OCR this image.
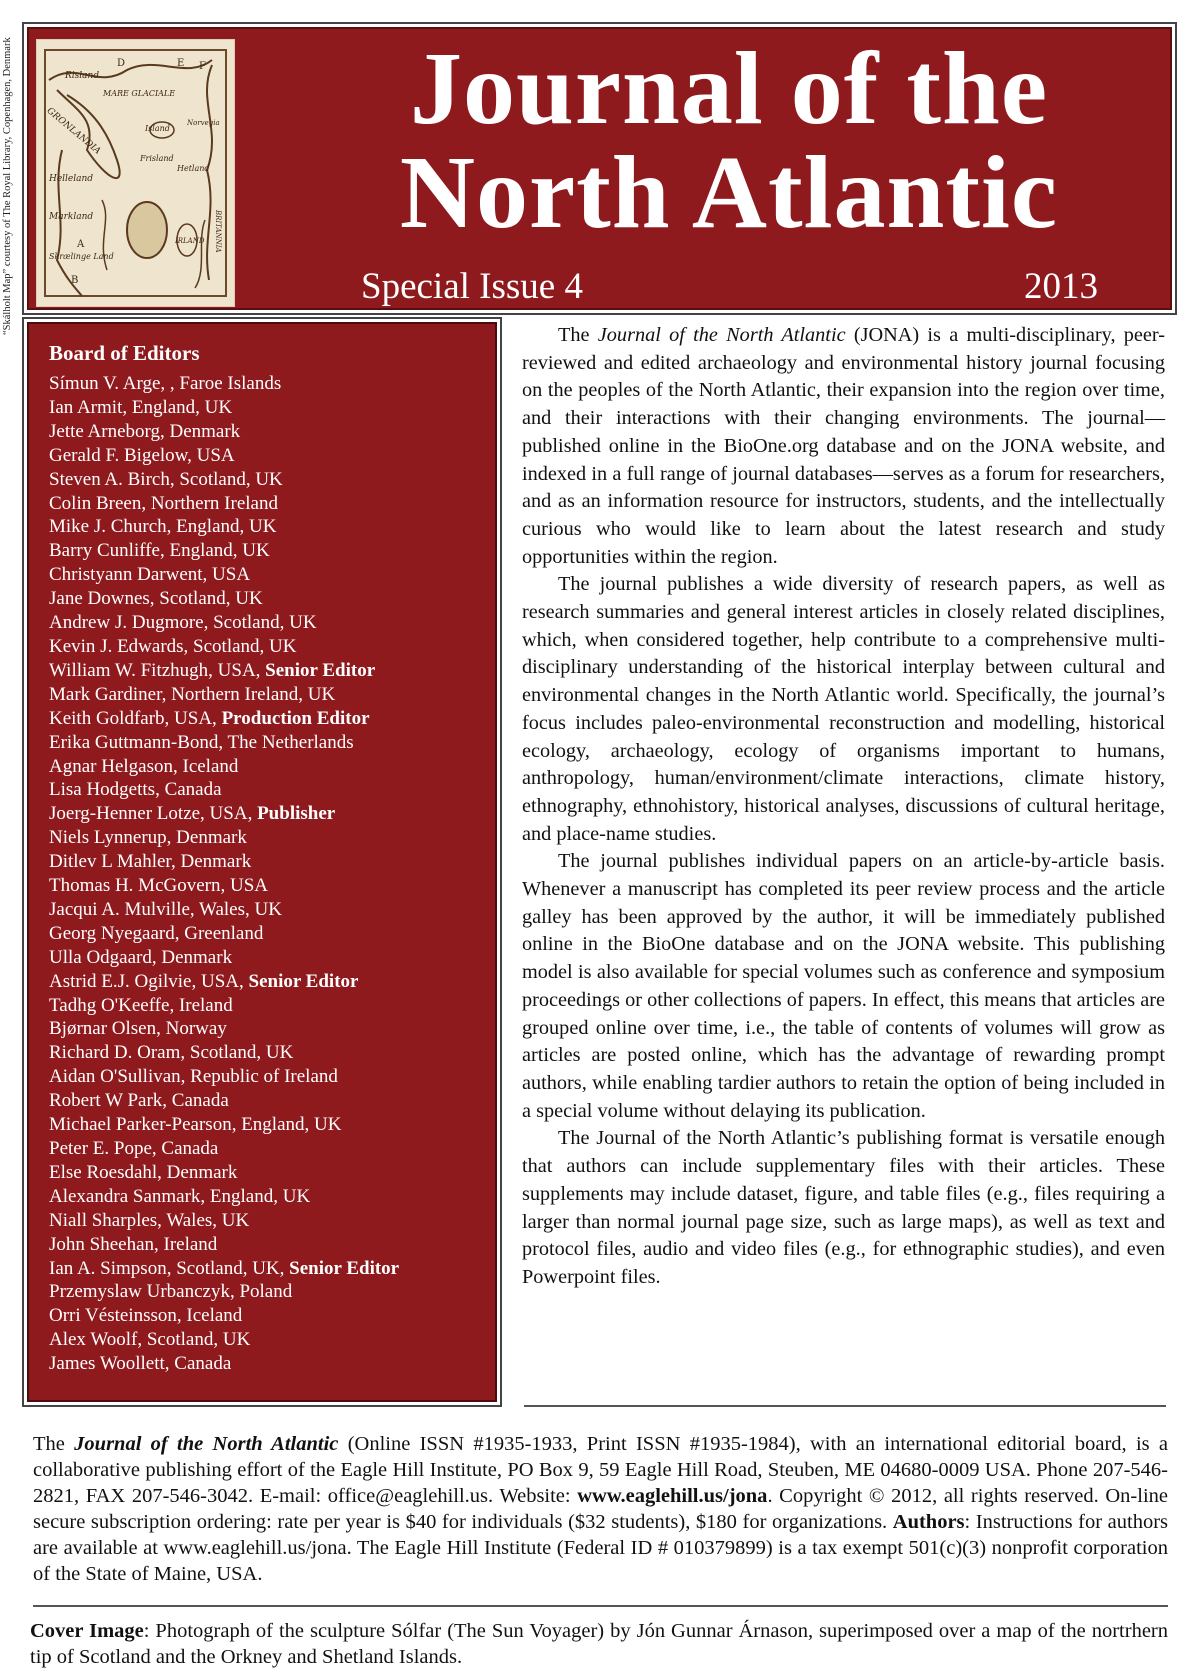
“Skálholt Map” courtesy of The Royal Library, Copenhagen, Denmark	Risland
GRONLANDIA
MARE GLACIALE
Helleland
Markland
Skrælinge Land
Island
Frisland
Hetland
BRITANNIA
IRLAND
Norvegia
D	E F
A
B
Journal of the
North Atlantic
Special Issue 4	2013
Board of Editors
Símun V. Arge, , Faroe Islands
Ian Armit, England, UK
Jette Arneborg, Denmark
Gerald F. Bigelow, USA
Steven A. Birch, Scotland, UK
Colin Breen, Northern Ireland
Mike J. Church, England, UK
Barry Cunliffe, England, UK
Christyann Darwent, USA
Jane Downes, Scotland, UK
Andrew J. Dugmore, Scotland, UK
Kevin J. Edwards, Scotland, UK
William W. Fitzhugh, USA, Senior Editor
Mark Gardiner, Northern Ireland, UK
Keith Goldfarb, USA, Production Editor
Erika Guttmann-Bond, The Netherlands
Agnar Helgason, Iceland
Lisa Hodgetts, Canada
Joerg-Henner Lotze, USA, Publisher
Niels Lynnerup, Denmark
Ditlev L Mahler, Denmark
Thomas H. McGovern, USA
Jacqui A. Mulville, Wales, UK
Georg Nyegaard, Greenland
Ulla Odgaard, Denmark
Astrid E.J. Ogilvie, USA, Senior Editor
Tadhg O'Keeffe, Ireland
Bjørnar Olsen, Norway
Richard D. Oram, Scotland, UK
Aidan O'Sullivan, Republic of Ireland
Robert W Park, Canada
Michael Parker-Pearson, England, UK
Peter E. Pope, Canada
Else Roesdahl, Denmark
Alexandra Sanmark, England, UK
Niall Sharples, Wales, UK
John Sheehan, Ireland
Ian A. Simpson, Scotland, UK, Senior Editor
Przemyslaw Urbanczyk, Poland
Orri Vésteinsson, Iceland
Alex Woolf, Scotland, UK
James Woollett, Canada

The Journal of the North Atlantic (JONA) is a multi-disciplinary, peer-reviewed and edited archaeology and environmental history journal focusing on the peoples of the North Atlantic, their expansion into the region over time, and their interactions with their changing environments. The journal—published online in the BioOne.org database and on the JONA website, and indexed in a full range of journal databases—serves as a forum for researchers, and as an information resource for instructors, students, and the intellectually curious who would like to learn about the latest research and study opportunities within the region.

The journal publishes a wide diversity of research papers, as well as research summaries and general interest articles in closely related disciplines, which, when considered together, help contribute to a comprehensive multi-disciplinary understanding of the historical interplay between cultural and environmental changes in the North Atlantic world. Specifically, the journal’s focus includes paleo-environmental reconstruction and modelling, historical ecology, archaeology, ecology of organisms important to humans, anthropology, human/environment/climate interactions, climate history, ethnography, ethnohistory, historical analyses, discussions of cultural heritage, and place-name studies.

The journal publishes individual papers on an article-by-article basis. Whenever a manuscript has completed its peer review process and the article galley has been approved by the author, it will be immediately published online in the BioOne database and on the JONA website. This publishing model is also available for special volumes such as conference and symposium proceedings or other collections of papers. In effect, this means that articles are grouped online over time, i.e., the table of contents of volumes will grow as articles are posted online, which has the advantage of rewarding prompt authors, while enabling tardier authors to retain the option of being included in a special volume without delaying its publication.

The Journal of the North Atlantic’s publishing format is versatile enough that authors can include supplementary files with their articles. These supplements may include dataset, figure, and table files (e.g., files requiring a larger than normal journal page size, such as large maps), as well as text and protocol files, audio and video files (e.g., for ethnographic studies), and even Powerpoint files.

The Journal of the North Atlantic (Online ISSN #1935-1933, Print ISSN #1935-1984), with an international editorial board, is a collaborative publishing effort of the Eagle Hill Institute, PO Box 9, 59 Eagle Hill Road, Steuben, ME 04680-0009 USA. Phone 207-546-2821, FAX 207-546-3042. E-mail: office@eaglehill.us. Website: www.eaglehill.us/jona. Copyright © 2012, all rights reserved. On-line secure subscription ordering: rate per year is $40 for individuals ($32 students), $180 for organizations. Authors: Instructions for authors are available at www.eaglehill.us/jona. The Eagle Hill Institute (Federal ID # 010379899) is a tax exempt 501(c)(3) nonprofit corporation of the State of Maine, USA.
Cover Image: Photograph of the sculpture Sólfar (The Sun Voyager) by Jón Gunnar Árnason, superimposed over a map of the nortrhern tip of Scotland and the Orkney and Shetland Islands.
